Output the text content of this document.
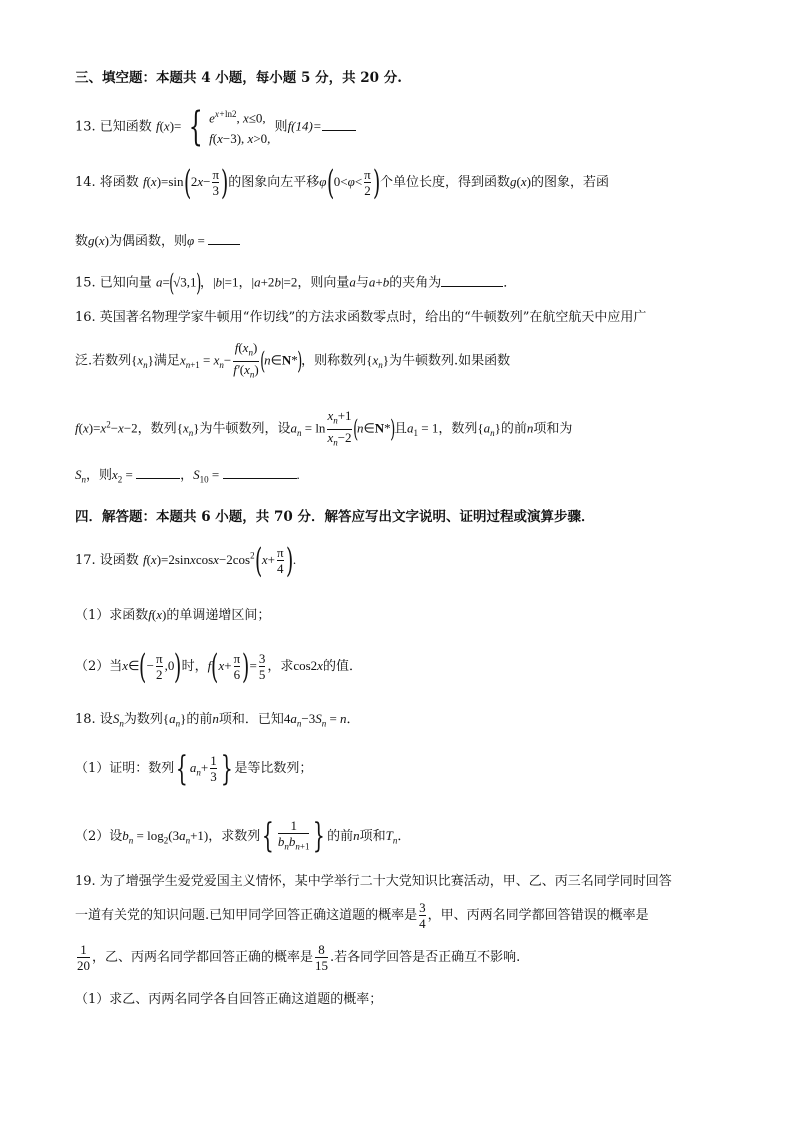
三、填空题：本题共 4 小题，每小题 5 分，共 20 分.
13. 已知函数 f(x)= { $e^{x+ln2}$, x≤0,
f(x−3), x>0,
则f(14)=
14. 将函数 $f(x)=\sin(2x- \frac{\pi}{3}$ )的图象向左平移$\varphi(0<\varphi< \frac{\pi}{2}$ )个单位长度，得到函数g(x)的图象，若函
数g(x)为偶函数，则φ =
15. 已知向量 a=(√3,1)，|b|=1，|a+2b|=2，则向量a与a+b的夹角为	．
16. 英国著名物理学家牛顿用“作切线”的方法求函数零点时，给出的“牛顿数列”在航空航天中应用广
泛.若数列$\{x_n\}$满足$x_{n+1} = x_n- \frac{f(x_n)}{f'(x_n)}$ (n∈N*)，则称数列$\{x_n\}$为牛顿数列.如果函数
$f(x)=x^2-x-2$，数列$\{x_n\}$为牛顿数列，设$a_n = \ln \frac{x_n+1}{x_n-2}$ (n∈N*)且$a_1 = 1$，数列$\{a_n\}$的前n项和为
$S_n$，则$x_2$ =	，$S_{10}$ =	.
四．解答题：本题共 6 小题，共 70 分．解答应写出文字说明、证明过程或演算步骤．
17. 设函数 $f(x)=2sinxcosx-2\cos^2(x+ \frac{\pi}{4}$ ).
（1）求函数f(x)的单调递增区间；
（2）当x∈(− $\frac{\pi}{2} ,0$)时，$f(x+ \frac{\pi}{6}$ )= $\frac{3}{5}$ ，求cos2x的值．
18. 设$S_n$为数列$\{a_n\}$的前n项和．已知$4a_n-3S_n = n$．
（1）证明：数列{ $a_n+ \frac{1}{3}$ } 是等比数列；
（2）设$b_n = \log_2(3a_n+1)$，求数列{ $\frac{1}{b_nb_{n+1}}$ } 的前n项和$T_n$．
19. 为了增强学生爱党爱国主义情怀，某中学举行二十大党知识比赛活动，甲、乙、丙三名同学同时回答
一道有关党的知识问题.已知甲同学回答正确这道题的概率是 $\frac{3}{4}$ ，甲、丙两名同学都回答错误的概率是
$\frac{1}{20}$ ，乙、丙两名同学都回答正确的概率是 $\frac{8}{15}$ .若各同学回答是否正确互不影响.
（1）求乙、丙两名同学各自回答正确这道题的概率；
